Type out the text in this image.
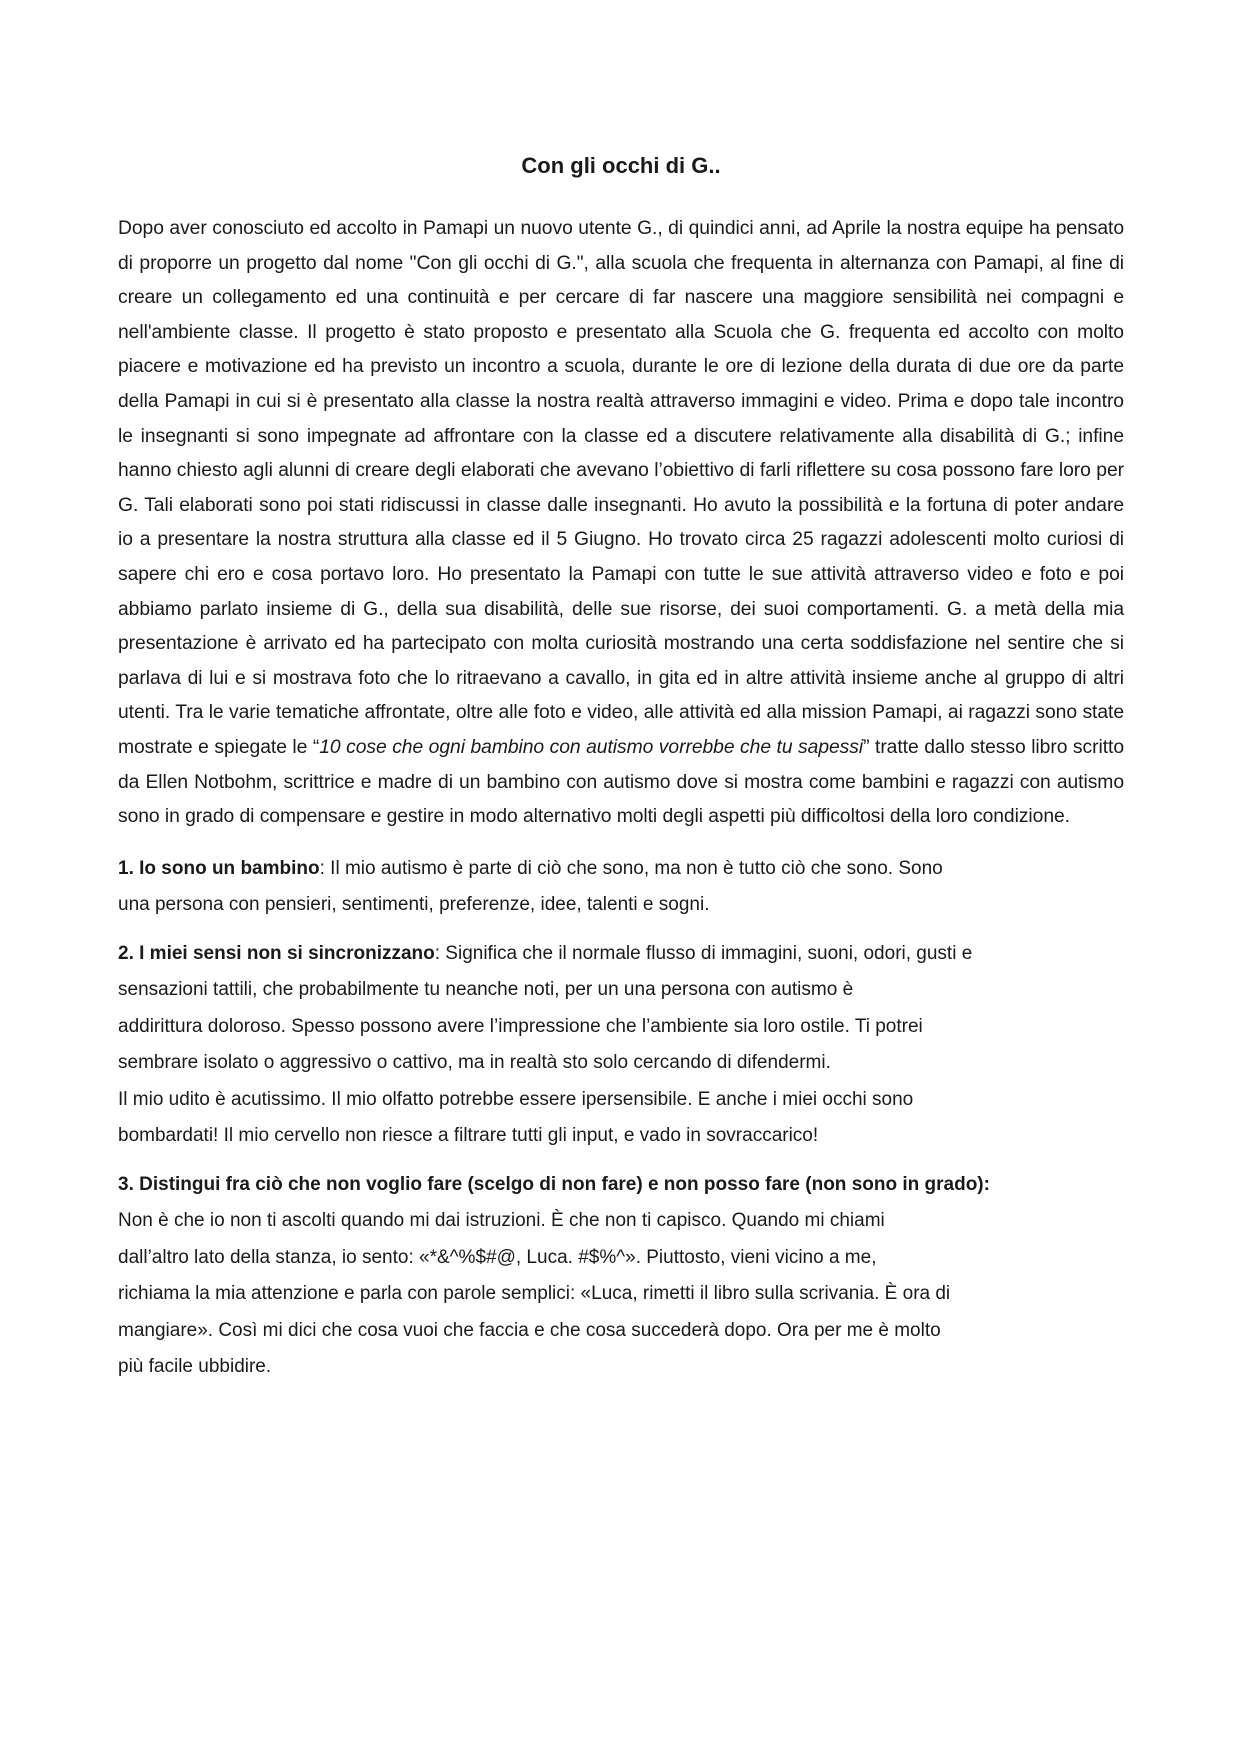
Con gli occhi di G..

Dopo aver conosciuto ed accolto in Pamapi un nuovo utente G., di quindici anni, ad Aprile la nostra equipe ha pensato di proporre un progetto dal nome "Con gli occhi di G.", alla scuola che frequenta in alternanza con Pamapi, al fine di creare un collegamento ed una continuità e per cercare di far nascere una maggiore sensibilità nei compagni e nell'ambiente classe. Il progetto è stato proposto e presentato alla Scuola che G. frequenta ed accolto con molto piacere e motivazione ed ha previsto un incontro a scuola, durante le ore di lezione della durata di due ore da parte della Pamapi in cui si è presentato alla classe la nostra realtà attraverso immagini e video. Prima e dopo tale incontro le insegnanti si sono impegnate ad affrontare con la classe ed a discutere relativamente alla disabilità di G.; infine hanno chiesto agli alunni di creare degli elaborati che avevano l’obiettivo di farli riflettere su cosa possono fare loro per G. Tali elaborati sono poi stati ridiscussi in classe dalle insegnanti. Ho avuto la possibilità e la fortuna di poter andare io a presentare la nostra struttura alla classe ed il 5 Giugno. Ho trovato circa 25 ragazzi adolescenti molto curiosi di sapere chi ero e cosa portavo loro. Ho presentato la Pamapi con tutte le sue attività attraverso video e foto e poi abbiamo parlato insieme di G., della sua disabilità, delle sue risorse, dei suoi comportamenti. G. a metà della mia presentazione è arrivato ed ha partecipato con molta curiosità mostrando una certa soddisfazione nel sentire che si parlava di lui e si mostrava foto che lo ritraevano a cavallo, in gita ed in altre attività insieme anche al gruppo di altri utenti. Tra le varie tematiche affrontate, oltre alle foto e video, alle attività ed alla mission Pamapi, ai ragazzi sono state mostrate e spiegate le “10 cose che ogni bambino con autismo vorrebbe che tu sapessi” tratte dallo stesso libro scritto da Ellen Notbohm, scrittrice e madre di un bambino con autismo dove si mostra come bambini e ragazzi con autismo sono in grado di compensare e gestire in modo alternativo molti degli aspetti più difficoltosi della loro condizione.

1. Io sono un bambino: Il mio autismo è parte di ciò che sono, ma non è tutto ciò che sono. Sono
una persona con pensieri, sentimenti, preferenze, idee, talenti e sogni.

2. I miei sensi non si sincronizzano: Significa che il normale flusso di immagini, suoni, odori, gusti e
sensazioni tattili, che probabilmente tu neanche noti, per un una persona con autismo è
addirittura doloroso. Spesso possono avere l’impressione che l’ambiente sia loro ostile. Ti potrei
sembrare isolato o aggressivo o cattivo, ma in realtà sto solo cercando di difendermi.
Il mio udito è acutissimo. Il mio olfatto potrebbe essere ipersensibile. E anche i miei occhi sono
bombardati! Il mio cervello non riesce a filtrare tutti gli input, e vado in sovraccarico!

3. Distingui fra ciò che non voglio fare (scelgo di non fare) e non posso fare (non sono in grado):
Non è che io non ti ascolti quando mi dai istruzioni. È che non ti capisco. Quando mi chiami
dall’altro lato della stanza, io sento: «*&^%$#@, Luca. #$%^». Piuttosto, vieni vicino a me,
richiama la mia attenzione e parla con parole semplici: «Luca, rimetti il libro sulla scrivania. È ora di
mangiare». Così mi dici che cosa vuoi che faccia e che cosa succederà dopo. Ora per me è molto
più facile ubbidire.
